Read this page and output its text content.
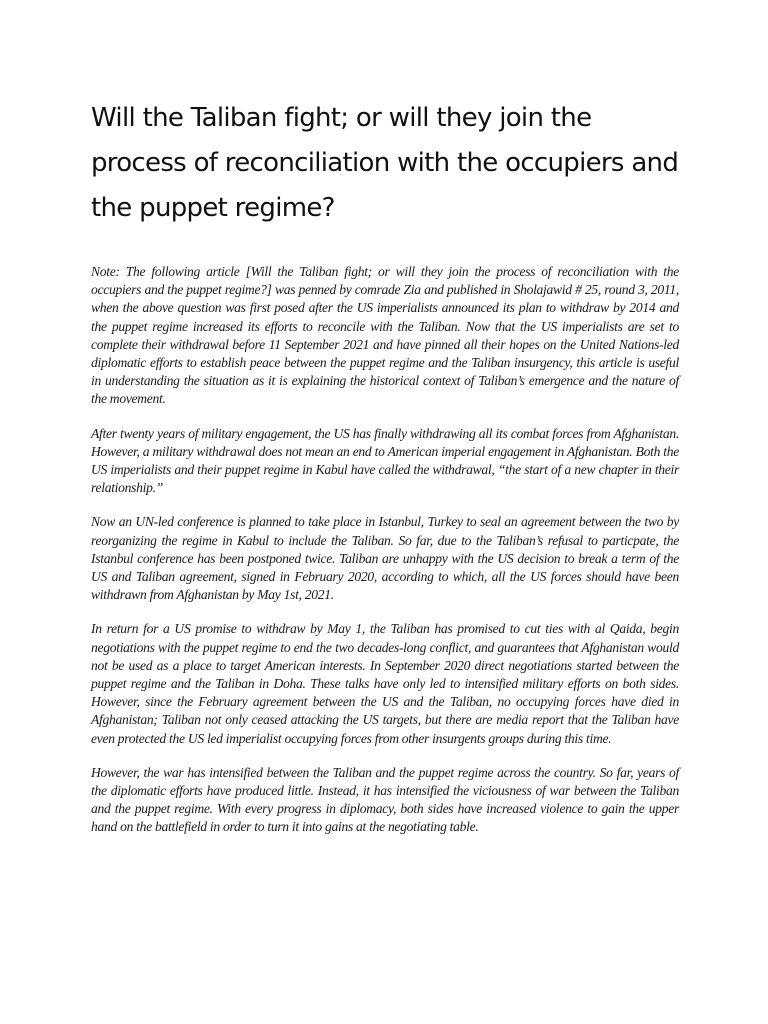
Will the Taliban fight; or will they join the process of reconciliation with the occupiers and the puppet regime?

Note: The following article [Will the Taliban fight; or will they join the process of reconciliation with the occupiers and the puppet regime?] was penned by comrade Zia and published in Sholajawid # 25, round 3, 2011, when the above question was first posed after the US imperialists announced its plan to withdraw by 2014 and the puppet regime increased its efforts to reconcile with the Taliban. Now that the US imperialists are set to complete their withdrawal before 11 September 2021 and have pinned all their hopes on the United Nations-led diplomatic efforts to establish peace between the puppet regime and the Taliban insurgency, this article is useful in understanding the situation as it is explaining the historical context of Taliban’s emergence and the nature of the movement.

After twenty years of military engagement, the US has finally withdrawing all its combat forces from Afghanistan. However, a military withdrawal does not mean an end to American imperial engagement in Afghanistan. Both the US imperialists and their puppet regime in Kabul have called the withdrawal, “the start of a new chapter in their relationship.”

Now an UN-led conference is planned to take place in Istanbul, Turkey to seal an agreement between the two by reorganizing the regime in Kabul to include the Taliban. So far, due to the Taliban’s refusal to particpate, the Istanbul conference has been postponed twice. Taliban are unhappy with the US decision to break a term of the US and Taliban agreement, signed in February 2020, according to which, all the US forces should have been withdrawn from Afghanistan by May 1st, 2021.

In return for a US promise to withdraw by May 1, the Taliban has promised to cut ties with al Qaida, begin negotiations with the puppet regime to end the two decades-long conflict, and guarantees that Afghanistan would not be used as a place to target American interests. In September 2020 direct negotiations started between the puppet regime and the Taliban in Doha. These talks have only led to intensified military efforts on both sides. However, since the February agreement between the US and the Taliban, no occupying forces have died in Afghanistan; Taliban not only ceased attacking the US targets, but there are media report that the Taliban have even protected the US led imperialist occupying forces from other insurgents groups during this time.

However, the war has intensified between the Taliban and the puppet regime across the country. So far, years of the diplomatic efforts have produced little. Instead, it has intensified the viciousness of war between the Taliban and the puppet regime. With every progress in diplomacy, both sides have increased violence to gain the upper hand on the battlefield in order to turn it into gains at the negotiating table.
